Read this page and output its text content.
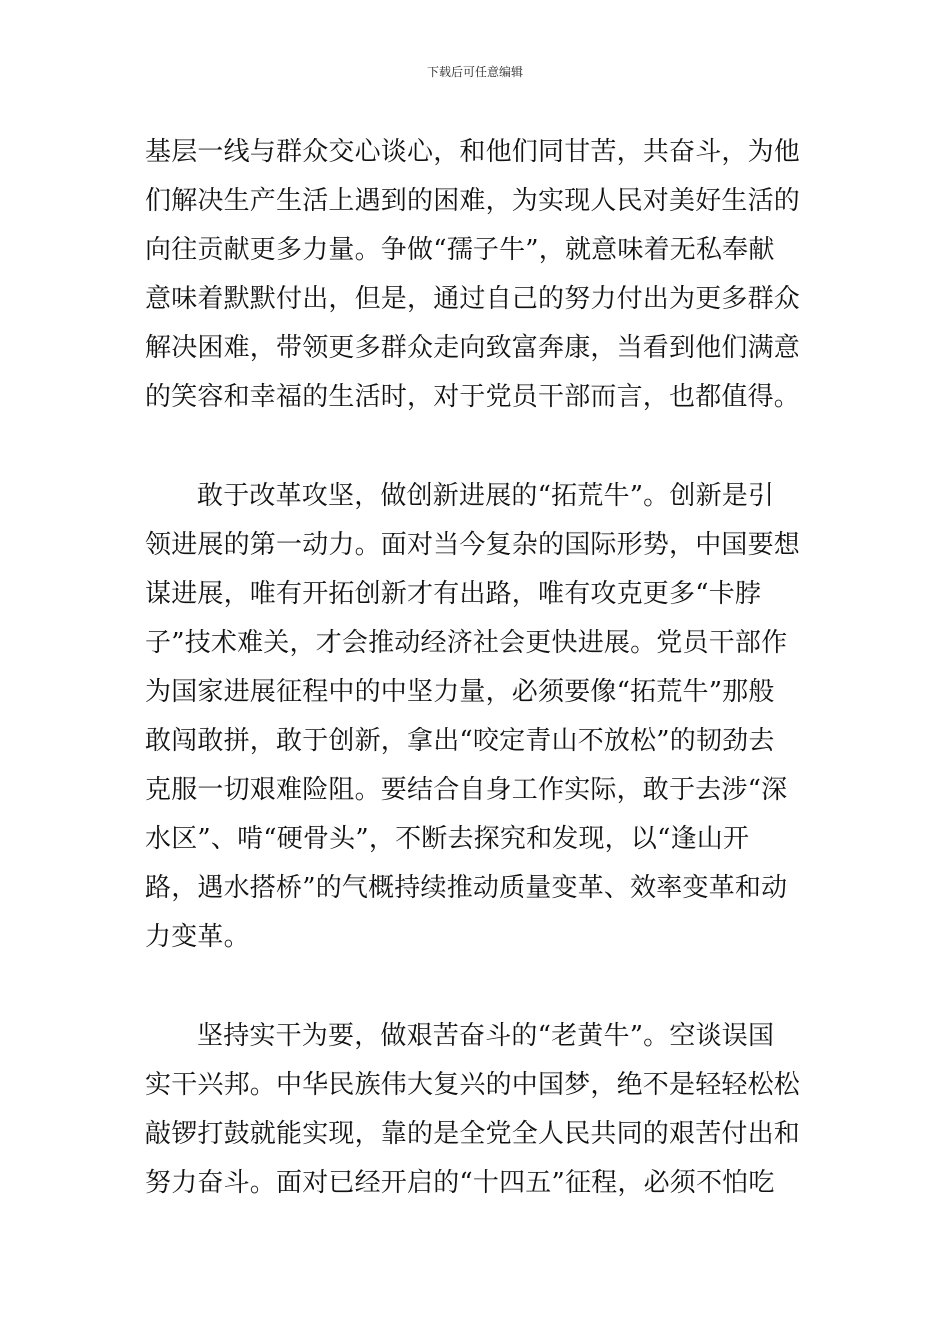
下载后可任意编辑
基层一线与群众交心谈心，和他们同甘苦，共奋斗，为他
们解决生产生活上遇到的困难，为实现人民对美好生活的
向往贡献更多力量。争做“孺子牛”，就意味着无私奉献
意味着默默付出，但是，通过自己的努力付出为更多群众
解决困难，带领更多群众走向致富奔康，当看到他们满意
的笑容和幸福的生活时，对于党员干部而言，也都值得。
敢于改革攻坚，做创新进展的“拓荒牛”。创新是引
领进展的第一动力。面对当今复杂的国际形势，中国要想
谋进展，唯有开拓创新才有出路，唯有攻克更多“卡脖
子”技术难关，才会推动经济社会更快进展。党员干部作
为国家进展征程中的中坚力量，必须要像“拓荒牛”那般
敢闯敢拼，敢于创新，拿出“咬定青山不放松”的韧劲去
克服一切艰难险阻。要结合自身工作实际，敢于去涉“深
水区”、啃“硬骨头”，不断去探究和发现，以“逢山开
路，遇水搭桥”的气概持续推动质量变革、效率变革和动
力变革。
坚持实干为要，做艰苦奋斗的“老黄牛”。空谈误国
实干兴邦。中华民族伟大复兴的中国梦，绝不是轻轻松松
敲锣打鼓就能实现，靠的是全党全人民共同的艰苦付出和
努力奋斗。面对已经开启的“十四五”征程，必须不怕吃
